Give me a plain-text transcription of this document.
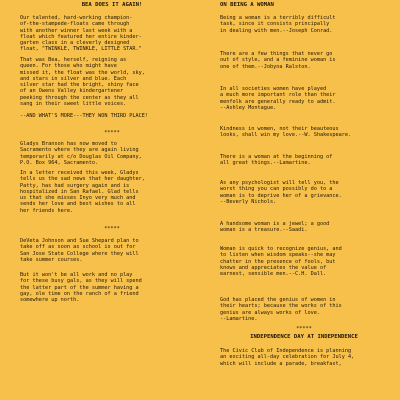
BEA DOES IT AGAIN!

Our talented, hard-working champion-
of-the-stampede-floats came through
with another winner last week with a
float which featured her entire kinder-
garten class in a cleverly designed
float, "TWINKLE, TWINKLE, LITTLE STAR."

That was Bea, herself, reigning as
queen. For those who might have
missed it, the float was the world, sky,
and stars in silver and blue. Each
silver star had the bright, shiny face
of an Owens Valley kindergartener
peeking through the center as they all
sang in their sweet little voices.

--AND WHAT'S MORE---THEY WON THIRD PLACE!

*****

Gladys Branson has now moved to
Sacramento where they are again living
temporarily at c/o Douglas Oil Company,
P.O. Box 964, Sacramento.

In a letter received this week, Gladys
tells us the sad news that her daughter,
Patty, has had surgery again and is
hospitalized in San Rafael. Glad tells
us that she misses Inyo very much and
sends her love and best wishes to all
her friends here.

*****

DeVeta Johnson and Sue Shepard plan to
take off as soon as school is out for
San Jose State College where they will
take summer courses.

But it won't be all work and no play
for these busy gals, as they will spend
the latter part of the summer having a
gay, ole time on the ranch of a friend
somewhere up north.

ON BEING A WOMAN

Being a woman is a terribly difficult
task, since it consists principally
in dealing with men.--Joseph Conrad.

There are a few things that never go
out of style, and a feminine woman is
one of them.--Jobyna Ralston.

In all societies women have played
a much more important role than their
menfolk are generally ready to admit.
--Ashley Montague.

Kindness in women, not their beauteous
looks, shall win my love.--W. Shakespeare.

There is a woman at the beginning of
all great things.--Lamartine.

As any psychologist will tell you, the
worst thing you can possibly do to a
woman is to deprive her of a grievance.
--Beverly Nichols.

A handsome woman is a jewel; a good
woman is a treasure.--Saadi.

Woman is quick to recognize genius, and
to listen when wisdom speaks--she may
chatter in the presence of fools, but
knows and appreciates the value of
earnest, sensible men.--C.H. Dall.

God has placed the genius of women in
their hearts; because the works of this
genius are always works of love.
--Lamartine.

*****

INDEPENDENCE DAY AT INDEPENDENCE

The Civic Club of Independence is planning
an exciting all-day celebration for July 4,
which will include a parade, breakfast,
